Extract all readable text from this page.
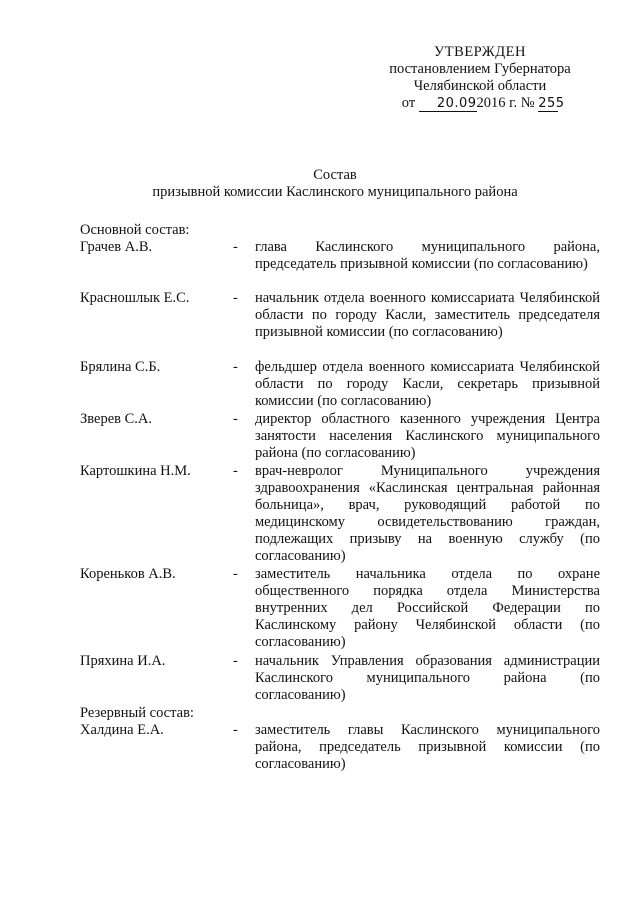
УТВЕРЖДЕН
постановлением Губернатора
Челябинской области
от 20.092016 г. № 255
Состав
призывной комиссии Каслинского муниципального района
Основной состав:
Грачев А.В.	-	глава Каслинского муниципального района, председатель призывной комиссии (по согласованию)
Красношлык Е.С.	-	начальник отдела военного комиссариата Челябинской области по городу Касли, заместитель председателя призывной комиссии (по согласованию)
Брялина С.Б.	-	фельдшер отдела военного комиссариата Челябинской области по городу Касли, секретарь призывной комиссии (по согласованию)
Зверев С.А.	-	директор областного казенного учреждения Центра занятости населения Каслинского муниципального района (по согласованию)
Картошкина Н.М.	-	врач-невролог Муниципального учреждения здравоохранения «Каслинская центральная районная больница», врач, руководящий работой по медицинскому освидетельствованию граждан, подлежащих призыву на военную службу (по согласованию)
Кореньков А.В.	-	заместитель начальника отдела по охране общественного порядка отдела Министерства внутренних дел Российской Федерации по Каслинскому району Челябинской области (по согласованию)
Пряхина И.А.	-	начальник Управления образования администрации Каслинского муниципального района (по согласованию)
Резервный состав:
Халдина Е.А.	-	заместитель главы Каслинского муниципального района, председатель призывной комиссии (по согласованию)
